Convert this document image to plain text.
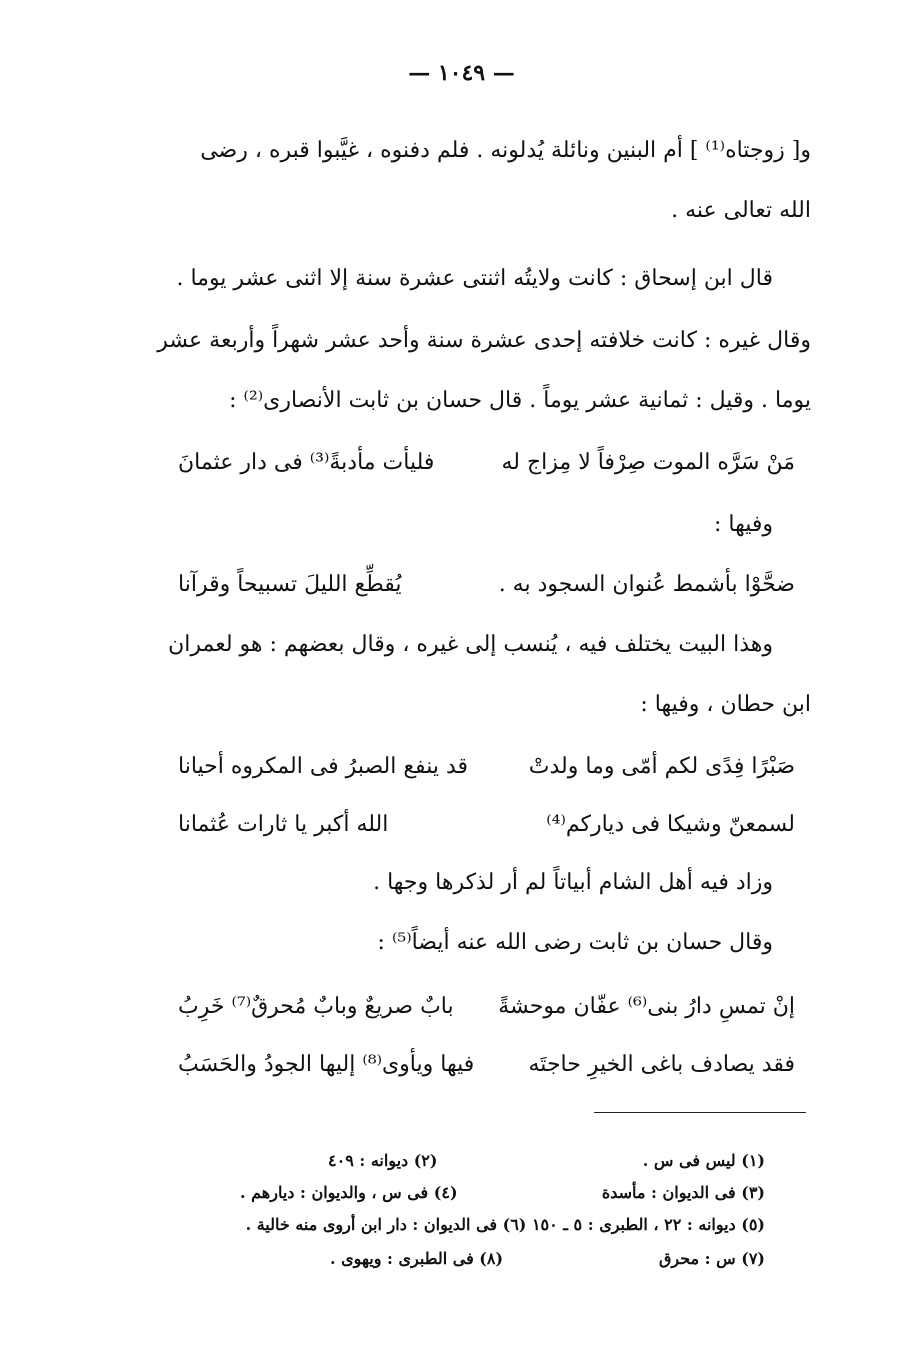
— ١٠٤٩ —
و[ زوجتاه⁽¹⁾ ] أم البنين ونائلة يُدلونه . فلم دفنوه ، غيَّبوا قبره ، رضى
الله تعالى عنه .
قال ابن إسحاق : كانت ولايتُه اثنتى عشرة سنة إلا اثنى عشر يوما .
وقال غيره : كانت خلافته إحدى عشرة سنة وأحد عشر شهراً وأربعة عشر
يوما . وقيل : ثمانية عشر يوماً . قال حسان بن ثابت الأنصارى⁽²⁾ :
مَنْ سَرَّه الموت صِرْفاً لا مِزاج له
فليأت مأدبةً⁽³⁾ فى دار عثمانَ
وفيها :
ضحَّوْا بأشمط عُنوان السجود به .
يُقطِّع الليلَ تسبيحاً وقرآنا
وهذا البيت يختلف فيه ، يُنسب إلى غيره ، وقال بعضهم : هو لعمران
ابن حطان ، وفيها :
صَبْرًا فِدًى لكم أمّى وما ولدتْ
قد ينفع الصبرُ فى المكروه أحيانا
لسمعنّ وشيكا فى ديارکم⁽⁴⁾
الله أكبر يا ثارات عُثمانا
وزاد فيه أهل الشام أبياتاً لم أر لذكرها وجها .
وقال حسان بن ثابت رضى الله عنه أيضاً⁽⁵⁾ :
إنْ تمسِ دارُ بنى⁽⁶⁾ عفّان موحشةً
بابٌ صريعٌ وبابٌ مُحرقٌ⁽⁷⁾ خَرِبُ
فقد يصادف باغى الخيرِ حاجتَه
فيها ويأوى⁽⁸⁾ إليها الجودُ والحَسَبُ
(١) ليس فى س .
(٢) ديوانه : ٤٠٩
(٣) فى الديوان : مأسدة
(٤) فى س ، والديوان : ديارهم .
(٥) ديوانه : ٢٢ ، الطبرى : ٥ ـ ١٥٠ (٦) فى الديوان : دار ابن أروى منه خالية .
(٧) س : محرق
(٨) فى الطبرى : ويهوى .
